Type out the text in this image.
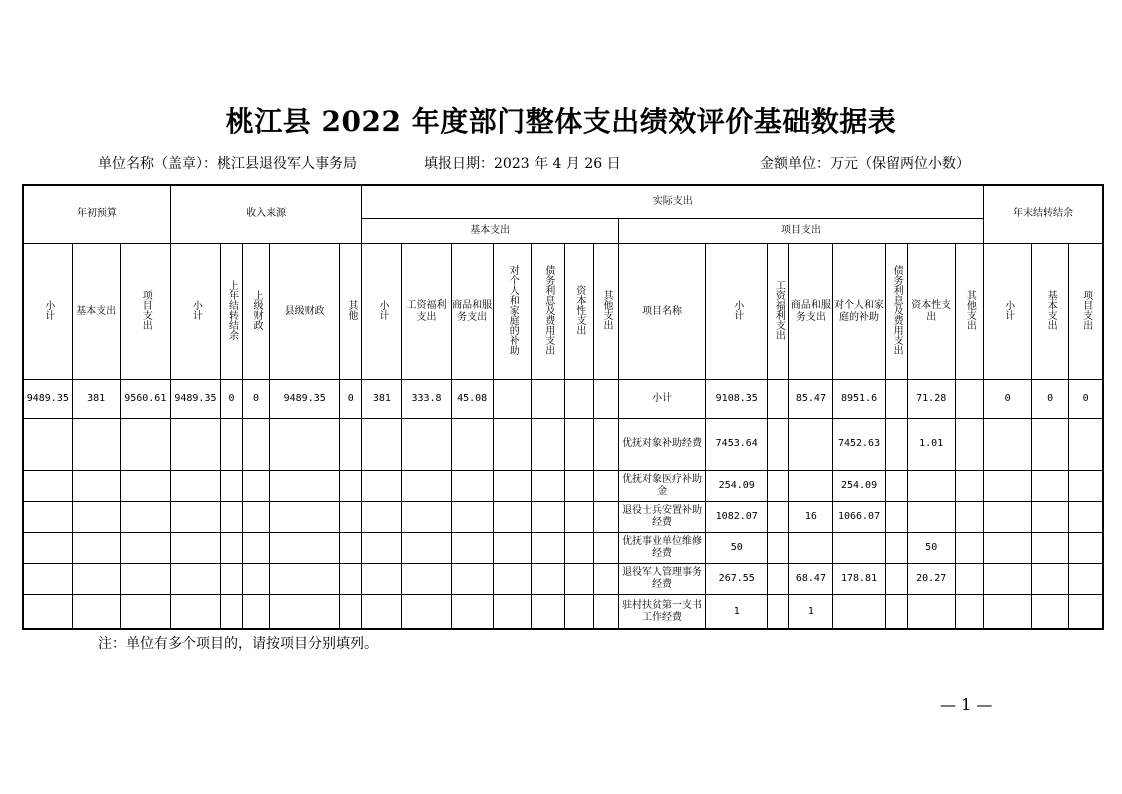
桃江县 2022 年度部门整体支出绩效评价基础数据表
单位名称（盖章）：桃江县退役军人事务局	填报日期：2023 年 4 月 26 日	金额单位：万元（保留两位小数）
年初预算			收入来源					实际支出															年末结转结余		
								基本支出							项目支出										
小计	基本支出	项目支出	小计	上年结转结余	上级财政	县级财政	其他	小计	工资福利支出	商品和服务支出	对个人和家庭的补助	债务利息及费用支出	资本性支出	其他支出	项目名称	小计	工资福利支出	商品和服务支出	对个人和家庭的补助	债务利息及费用支出	资本性支出	其他支出	小计	基本支出	项目支出
9489.35	381	9560.61	9489.35	0	0	9489.35	0	381	333.8	45.08					小计	9108.35		85.47	8951.6		71.28		0	0	0
															优抚对象补助经费	7453.64			7452.63		1.01				
															优抚对象医疗补助金	254.09			254.09						
															退役士兵安置补助经费	1082.07		16	1066.07						
															优抚事业单位维修经费	50					50				
															退役军人管理事务经费	267.55		68.47	178.81		20.27				
															驻村扶贫第一支书工作经费	1		1							
注：单位有多个项目的，请按项目分别填列。
— 1 —
